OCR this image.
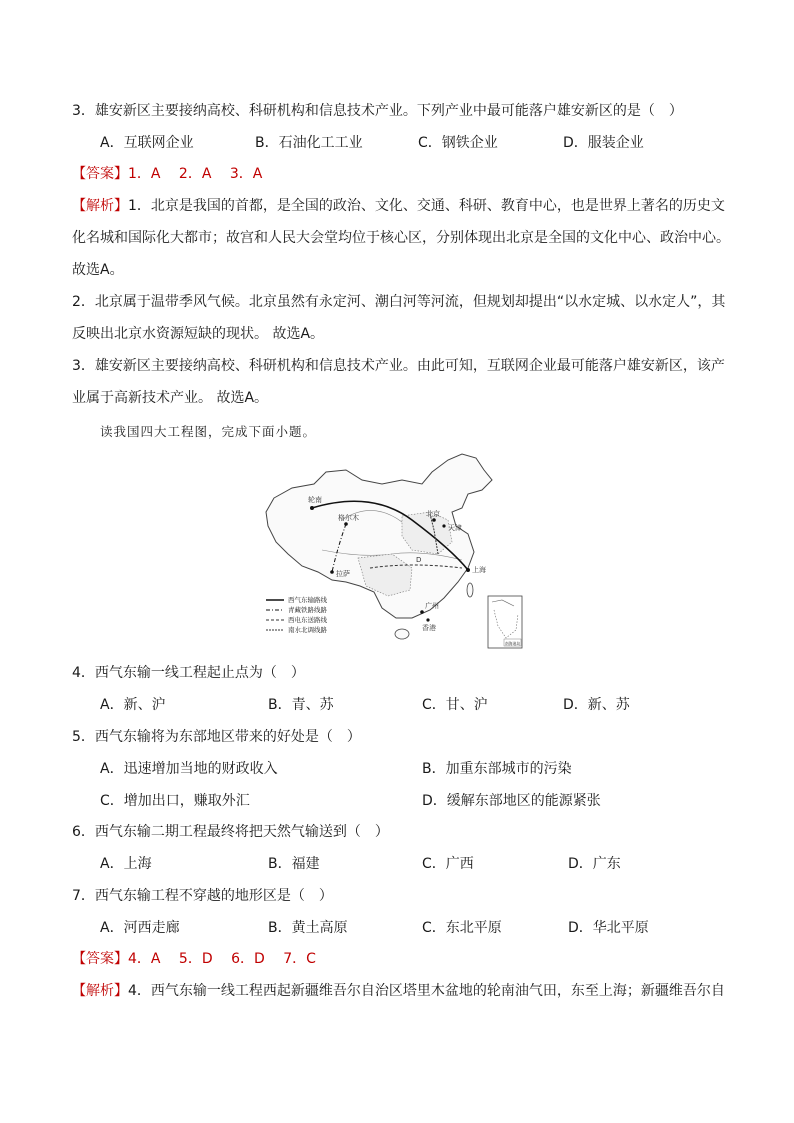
3．雄安新区主要接纳高校、科研机构和信息技术产业。下列产业中最可能落户雄安新区的是（　）
A．互联网企业	B．石油化工工业	C．钢铁企业	D．服装企业
【答案】1．A　 2．A　 3．A
【解析】1．北京是我国的首都，是全国的政治、文化、交通、科研、教育中心，也是世界上著名的历史文
化名城和国际化大都市；故宫和人民大会堂均位于核心区，分别体现出北京是全国的文化中心、政治中心。
故选A。
2．北京属于温带季风气候。北京虽然有永定河、潮白河等河流，但规划却提出“以水定城、以水定人”，其
反映出北京水资源短缺的现状。 故选A。
3．雄安新区主要接纳高校、科研机构和信息技术产业。由此可知，互联网企业最可能落户雄安新区，该产
业属于高新技术产业。 故选A。
读我国四大工程图，完成下面小题。
轮南
格尔木
拉萨
北京
天津
D
上海
广州
香港
西气东输路线
青藏铁路线路
西电东送路线
南水北调线路
南海诸岛
4．西气东输一线工程起止点为（　）
A．新、沪	B．青、苏	C．甘、沪	D．新、苏
5．西气东输将为东部地区带来的好处是（　）
A．迅速增加当地的财政收入	B．加重东部城市的污染
C．增加出口，赚取外汇	D．缓解东部地区的能源紧张
6．西气东输二期工程最终将把天然气输送到（　）
A．上海	B．福建	C．广西	D．广东
7．西气东输工程不穿越的地形区是（　）
A．河西走廊	B．黄土高原	C．东北平原	D．华北平原
【答案】4．A　 5．D　 6．D　 7．C
【解析】4．西气东输一线工程西起新疆维吾尔自治区塔里木盆地的轮南油气田，东至上海；新疆维吾尔自
